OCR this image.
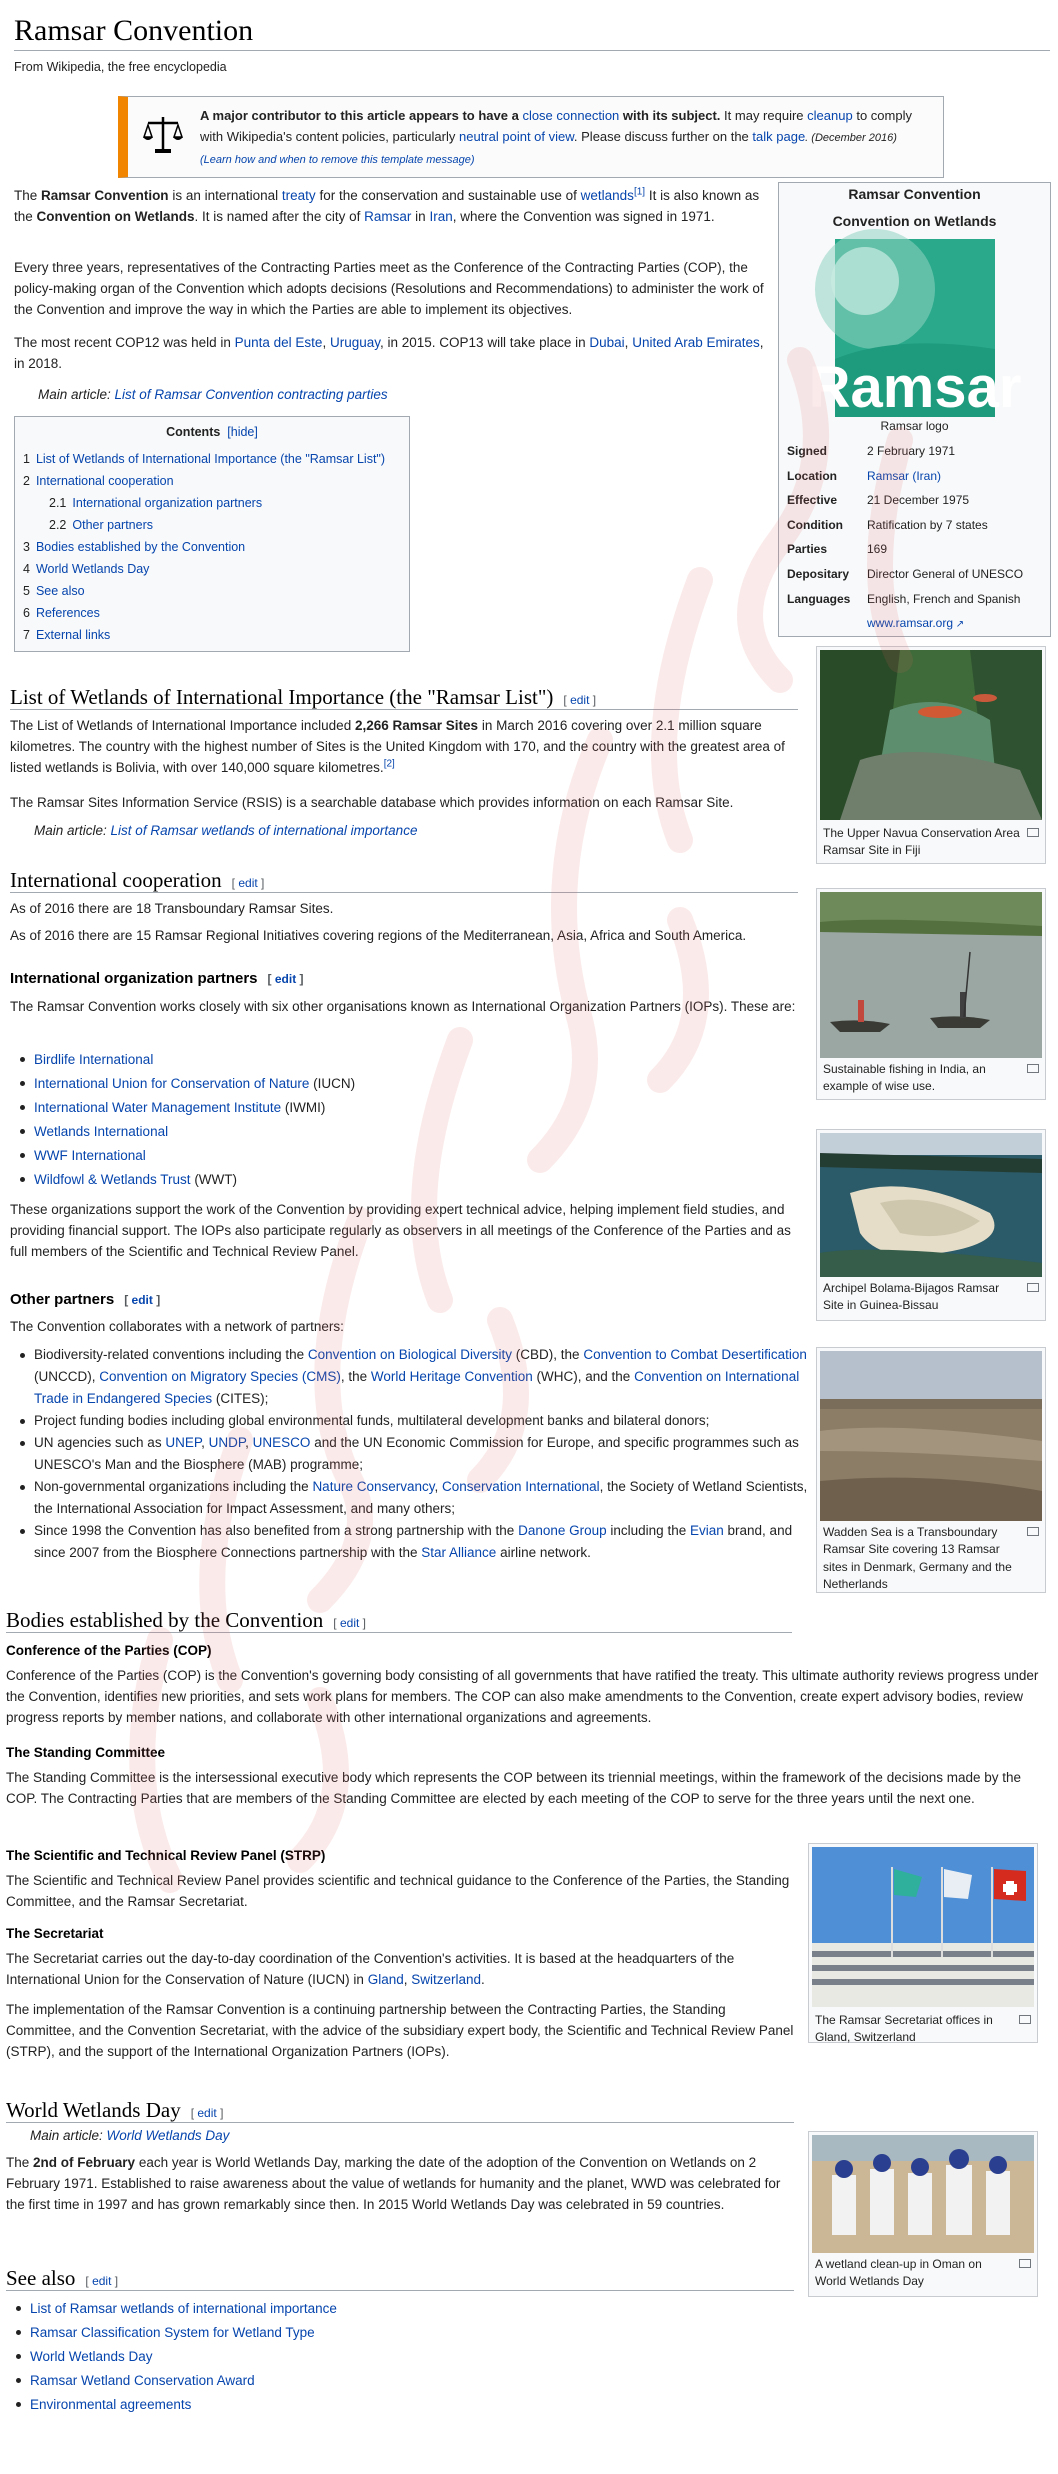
Ramsar Convention
From Wikipedia, the free encyclopedia
A major contributor to this article appears to have a close connection with its subject. It may require cleanup to comply with Wikipedia's content policies, particularly neutral point of view. Please discuss further on the talk page. (December 2016) (Learn how and when to remove this template message)

The Ramsar Convention is an international treaty for the conservation and sustainable use of wetlands[1] It is also known as the Convention on Wetlands. It is named after the city of Ramsar in Iran, where the Convention was signed in 1971.

Every three years, representatives of the Contracting Parties meet as the Conference of the Contracting Parties (COP), the policy-making organ of the Convention which adopts decisions (Resolutions and Recommendations) to administer the work of the Convention and improve the way in which the Parties are able to implement its objectives.

The most recent COP12 was held in Punta del Este, Uruguay, in 2015. COP13 will take place in Dubai, United Arab Emirates, in 2018.

Main article: List of Ramsar Convention contracting parties
Contents [hide]
1 List of Wetlands of International Importance (the "Ramsar List")
2 International cooperation
2.1 International organization partners
2.2 Other partners
3 Bodies established by the Convention
4 World Wetlands Day
5 See also
6 References
7 External links
Convention on Wetlands
Ramsar
Ramsar logo
Signed	2 February 1971
Location	Ramsar (Iran)
Effective	21 December 1975
Condition	Ratification by 7 states
Parties	169
Depositary	Director General of UNESCO
Languages	English, French and Spanish
	www.ramsar.org ↗
Ramsar Convention
List of Wetlands of International Importance (the "Ramsar List") [ edit ]

The List of Wetlands of International Importance included 2,266 Ramsar Sites in March 2016 covering over 2.1 million square kilometres. The country with the highest number of Sites is the United Kingdom with 170, and the country with the greatest area of listed wetlands is Bolivia, with over 140,000 square kilometres.[2]

The Ramsar Sites Information Service (RSIS) is a searchable database which provides information on each Ramsar Site.

Main article: List of Ramsar wetlands of international importance
International cooperation [ edit ]

As of 2016 there are 18 Transboundary Ramsar Sites.

As of 2016 there are 15 Ramsar Regional Initiatives covering regions of the Mediterranean, Asia, Africa and South America.

International organization partners [ edit ]

The Ramsar Convention works closely with six other organisations known as International Organization Partners (IOPs). These are:

Birdlife International
International Union for Conservation of Nature (IUCN)
International Water Management Institute (IWMI)
Wetlands International
WWF International
Wildfowl & Wetlands Trust (WWT)

These organizations support the work of the Convention by providing expert technical advice, helping implement field studies, and providing financial support. The IOPs also participate regularly as observers in all meetings of the Conference of the Parties and as full members of the Scientific and Technical Review Panel.

Other partners [ edit ]

The Convention collaborates with a network of partners:

Biodiversity-related conventions including the Convention on Biological Diversity (CBD), the Convention to Combat Desertification (UNCCD), Convention on Migratory Species (CMS), the World Heritage Convention (WHC), and the Convention on International Trade in Endangered Species (CITES);
Project funding bodies including global environmental funds, multilateral development banks and bilateral donors;
UN agencies such as UNEP, UNDP, UNESCO and the UN Economic Commission for Europe, and specific programmes such as UNESCO's Man and the Biosphere (MAB) programme;
Non-governmental organizations including the Nature Conservancy, Conservation International, the Society of Wetland Scientists, the International Association for Impact Assessment, and many others;
Since 1998 the Convention has also benefited from a strong partnership with the Danone Group including the Evian brand, and since 2007 from the Biosphere Connections partnership with the Star Alliance airline network.
Bodies established by the Convention [ edit ]
Conference of the Parties (COP)

Conference of the Parties (COP) is the Convention's governing body consisting of all governments that have ratified the treaty. This ultimate authority reviews progress under the Convention, identifies new priorities, and sets work plans for members. The COP can also make amendments to the Convention, create expert advisory bodies, review progress reports by member nations, and collaborate with other international organizations and agreements.

The Standing Committee

The Standing Committee is the intersessional executive body which represents the COP between its triennial meetings, within the framework of the decisions made by the COP. The Contracting Parties that are members of the Standing Committee are elected by each meeting of the COP to serve for the three years until the next one.

The Scientific and Technical Review Panel (STRP)

The Scientific and Technical Review Panel provides scientific and technical guidance to the Conference of the Parties, the Standing Committee, and the Ramsar Secretariat.

The Secretariat

The Secretariat carries out the day-to-day coordination of the Convention's activities. It is based at the headquarters of the International Union for the Conservation of Nature (IUCN) in Gland, Switzerland.

The implementation of the Ramsar Convention is a continuing partnership between the Contracting Parties, the Standing Committee, and the Convention Secretariat, with the advice of the subsidiary expert body, the Scientific and Technical Review Panel (STRP), and the support of the International Organization Partners (IOPs).

World Wetlands Day [ edit ]
Main article: World Wetlands Day

The 2nd of February each year is World Wetlands Day, marking the date of the adoption of the Convention on Wetlands on 2 February 1971. Established to raise awareness about the value of wetlands for humanity and the planet, WWD was celebrated for the first time in 1997 and has grown remarkably since then. In 2015 World Wetlands Day was celebrated in 59 countries.

See also [ edit ]
List of Ramsar wetlands of international importance
Ramsar Classification System for Wetland Type
World Wetlands Day
Ramsar Wetland Conservation Award
Environmental agreements
The Upper Navua Conservation Area Ramsar Site in Fiji
Sustainable fishing in India, an example of wise use.
Archipel Bolama-Bijagos Ramsar Site in Guinea-Bissau
Wadden Sea is a Transboundary Ramsar Site covering 13 Ramsar sites in Denmark, Germany and the Netherlands
The Ramsar Secretariat offices in Gland, Switzerland
A wetland clean-up in Oman on World Wetlands Day
